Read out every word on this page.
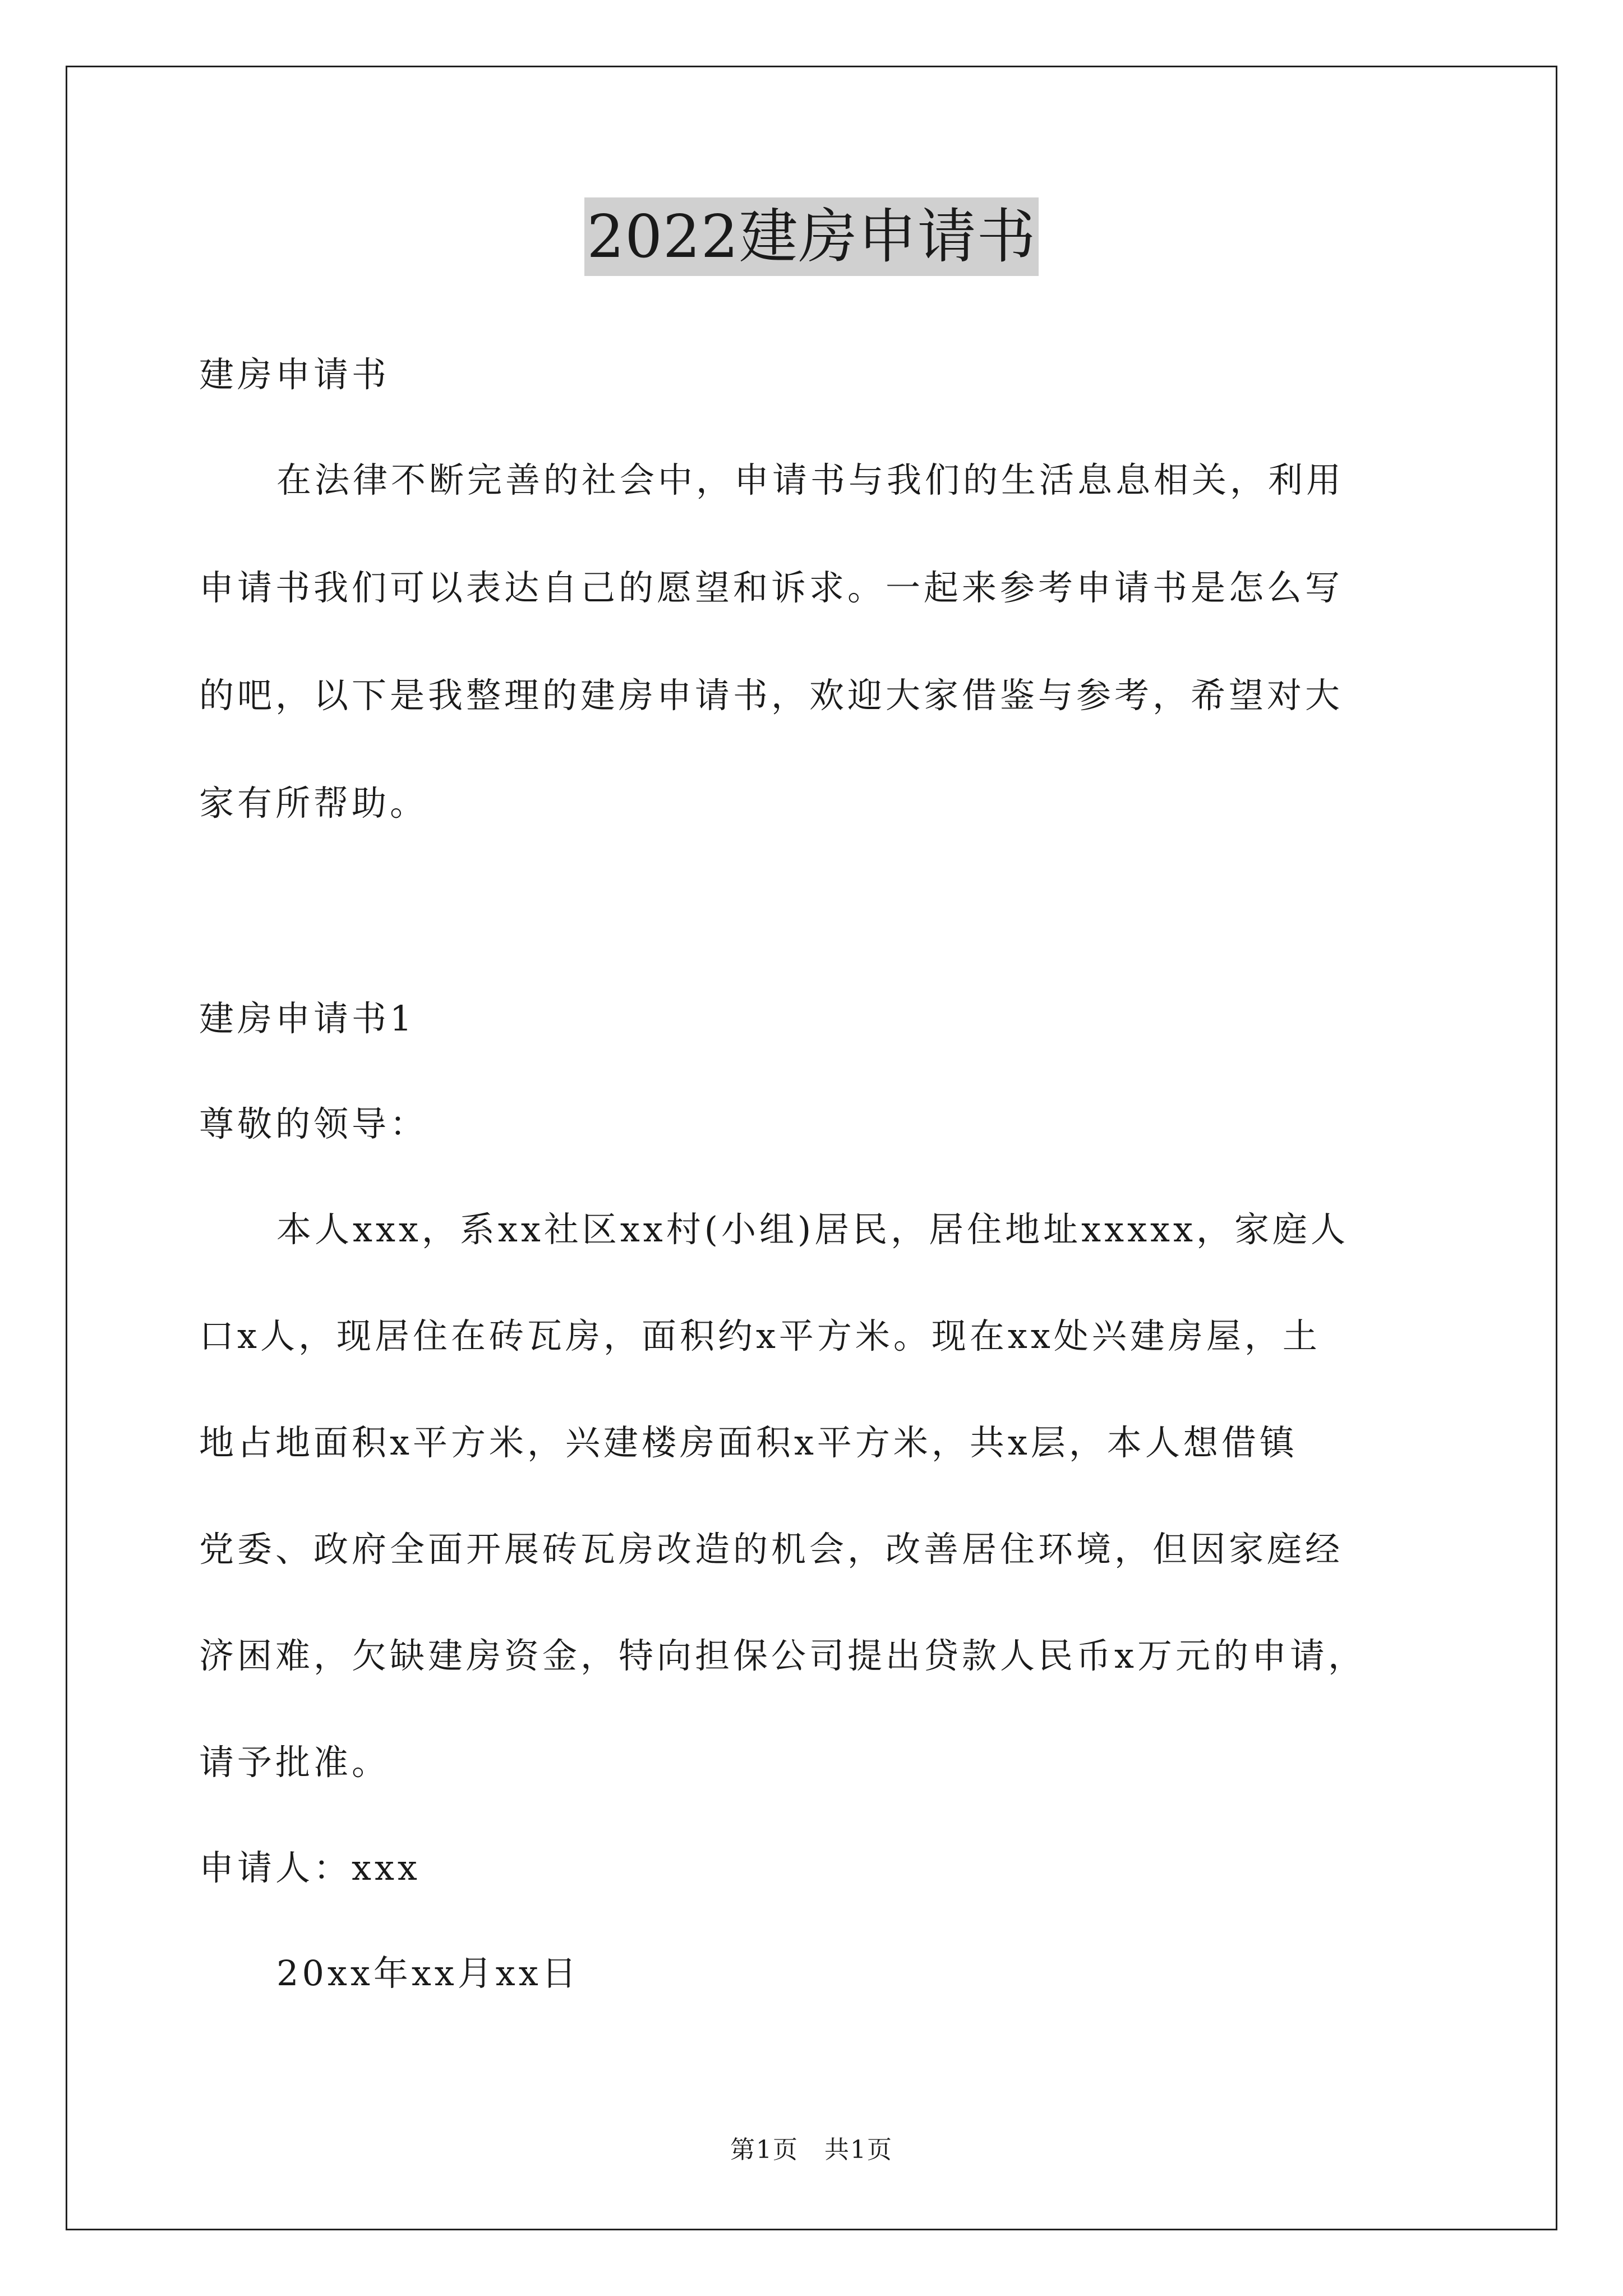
2022建房申请书
建房申请书
在法律不断完善的社会中，申请书与我们的生活息息相关，利用
申请书我们可以表达自己的愿望和诉求。一起来参考申请书是怎么写
的吧，以下是我整理的建房申请书，欢迎大家借鉴与参考，希望对大
家有所帮助。
建房申请书1
尊敬的领导：
本人xxx，系xx社区xx村(小组)居民，居住地址xxxxx，家庭人
口x人，现居住在砖瓦房，面积约x平方米。现在xx处兴建房屋，土
地占地面积x平方米，兴建楼房面积x平方米，共x层，本人想借镇
党委、政府全面开展砖瓦房改造的机会，改善居住环境，但因家庭经
济困难，欠缺建房资金，特向担保公司提出贷款人民币x万元的申请，
请予批准。
申请人：xxx
20xx年xx月xx日
第1页　共1页
